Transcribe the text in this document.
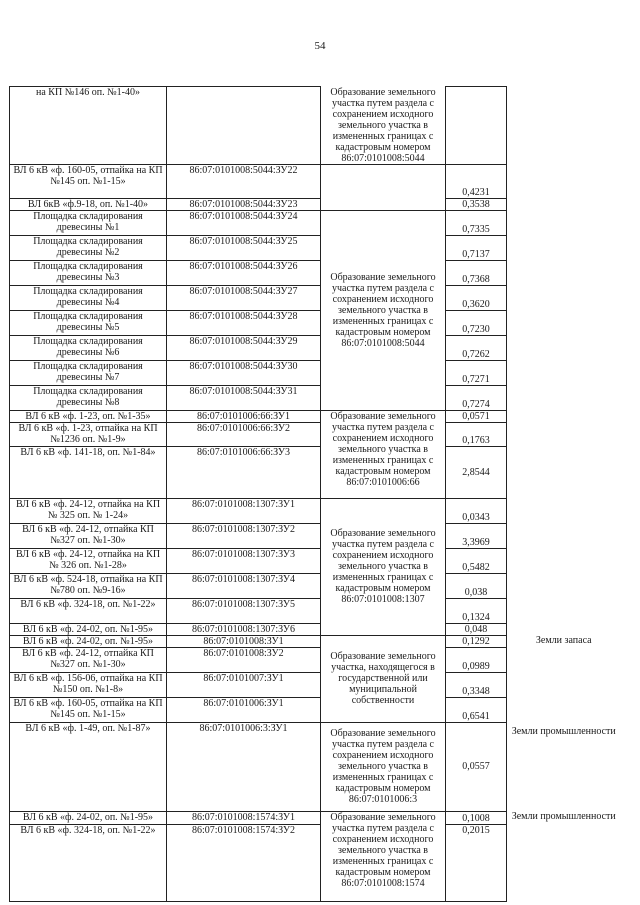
54
на КП №146 оп. №1-40»		Образование земельного участка путем раздела с сохранением исходного земельного участка в измененных границах с кадастровым номером 86:07:0101008:5044		
ВЛ 6 кВ «ф. 160-05, отпайка на КП №145 оп. №1-15»	86:07:0101008:5044:ЗУ22		0,4231	
ВЛ 6кВ «ф.9-18, оп. №1-40»	86:07:0101008:5044:ЗУ23		0,3538	
Площадка складирования древесины №1	86:07:0101008:5044:ЗУ24	Образование земельного участка путем раздела с сохранением исходного земельного участка в измененных границах с кадастровым номером 86:07:0101008:5044	0,7335	
Площадка складирования древесины №2	86:07:0101008:5044:ЗУ25		0,7137	
Площадка складирования древесины №3	86:07:0101008:5044:ЗУ26		0,7368	
Площадка складирования древесины №4	86:07:0101008:5044:ЗУ27		0,3620	
Площадка складирования древесины №5	86:07:0101008:5044:ЗУ28		0,7230	
Площадка складирования древесины №6	86:07:0101008:5044:ЗУ29		0,7262	
Площадка складирования древесины №7	86:07:0101008:5044:ЗУ30		0,7271	
Площадка складирования древесины №8	86:07:0101008:5044:ЗУ31		0,7274	
ВЛ 6 кВ «ф. 1-23, оп. №1-35»	86:07:0101006:66:ЗУ1	Образование земельного участка путем раздела с сохранением исходного земельного участка в измененных границах с кадастровым номером 86:07:0101006:66	0,0571	
ВЛ 6 кВ «ф. 1-23, отпайка на КП №1236 оп. №1-9»	86:07:0101006:66:ЗУ2		0,1763	
ВЛ 6 кВ «ф. 141-18, оп. №1-84»	86:07:0101006:66:ЗУ3		2,8544	
ВЛ 6 кВ «ф. 24-12, отпайка на КП № 325 оп. № 1-24»	86:07:0101008:1307:ЗУ1	Образование земельного участка путем раздела с сохранением исходного земельного участка в измененных границах с кадастровым номером 86:07:0101008:1307	0,0343	
ВЛ 6 кВ «ф. 24-12, отпайка КП №327 оп. №1-30»	86:07:0101008:1307:ЗУ2		3,3969	
ВЛ 6 кВ «ф. 24-12, отпайка на КП № 326 оп. №1-28»	86:07:0101008:1307:ЗУ3		0,5482	
ВЛ 6 кВ «ф. 524-18, отпайка на КП №780 оп. №9-16»	86:07:0101008:1307:ЗУ4		0,038	
ВЛ 6 кВ «ф. 324-18, оп. №1-22»	86:07:0101008:1307:ЗУ5		0,1324	
ВЛ 6 кВ «ф. 24-02, оп. №1-95»	86:07:0101008:1307:ЗУ6		0,048	
ВЛ 6 кВ «ф. 24-02, оп. №1-95»	86:07:0101008:ЗУ1	Образование земельного участка, находящегося в государственной или муниципальной собственности	0,1292	Земли запаса
ВЛ 6 кВ «ф. 24-12, отпайка КП №327 оп. №1-30»	86:07:0101008:ЗУ2		0,0989	
ВЛ 6 кВ «ф. 156-06, отпайка на КП №150 оп. №1-8»	86:07:0101007:ЗУ1		0,3348	
ВЛ 6 кВ «ф. 160-05, отпайка на КП №145 оп. №1-15»	86:07:0101006:ЗУ1		0,6541	
ВЛ 6 кВ «ф. 1-49, оп. №1-87»	86:07:0101006:3:ЗУ1	Образование земельного участка путем раздела с сохранением исходного земельного участка в измененных границах с кадастровым номером 86:07:0101006:3	0,0557	Земли промышленности
ВЛ 6 кВ «ф. 24-02, оп. №1-95»	86:07:0101008:1574:ЗУ1	Образование земельного участка путем раздела с сохранением исходного земельного участка в измененных границах с кадастровым номером 86:07:0101008:1574	0,1008	Земли промышленности
ВЛ 6 кВ «ф. 324-18, оп. №1-22»	86:07:0101008:1574:ЗУ2		0,2015	
